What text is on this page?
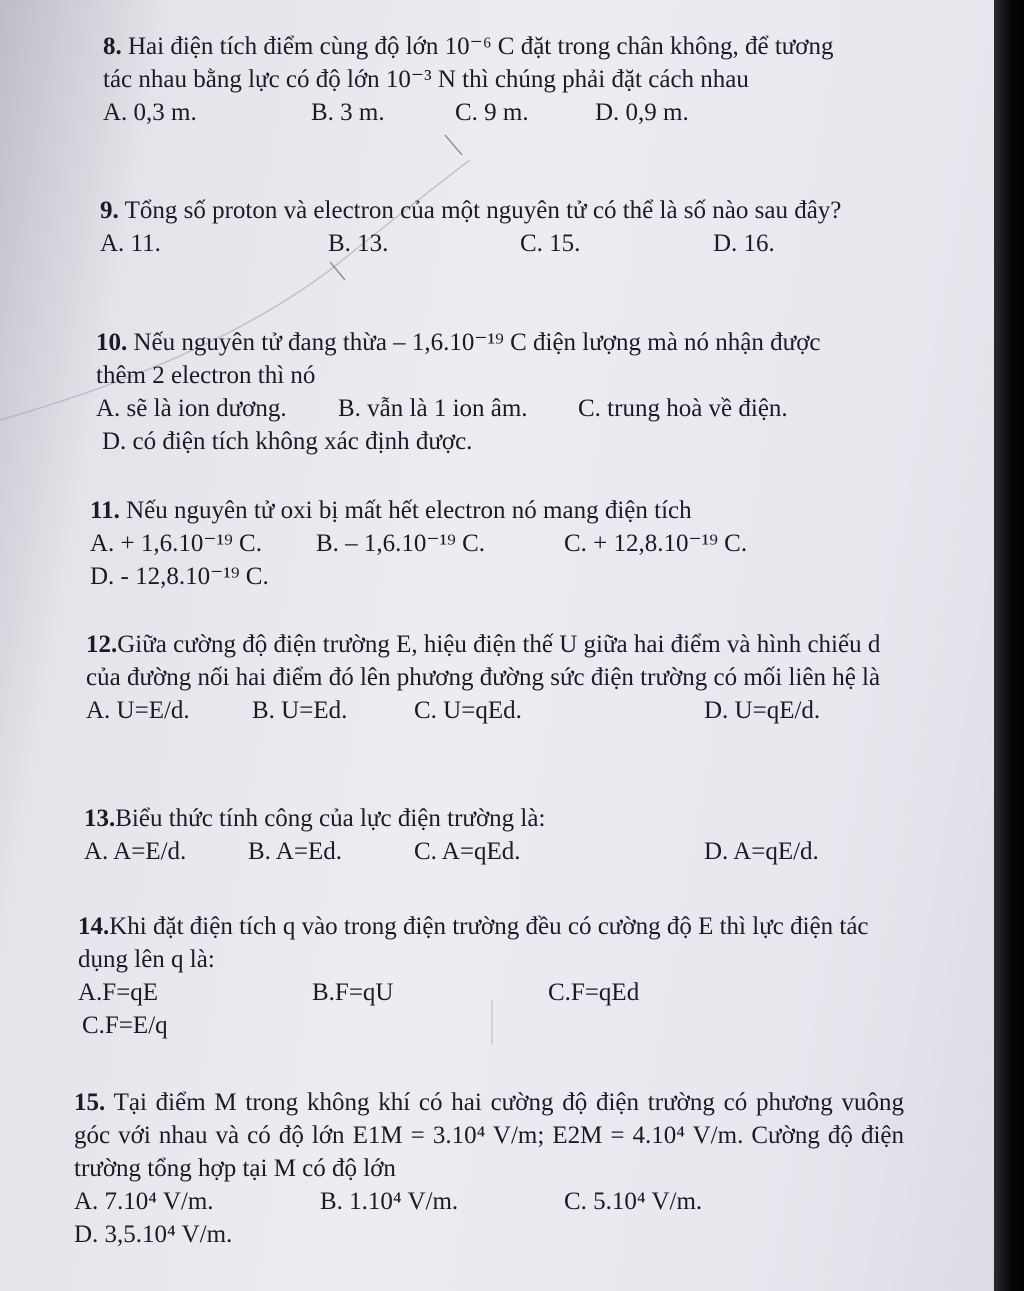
8. Hai điện tích điểm cùng độ lớn 10⁻⁶ C đặt trong chân không, để tương tác nhau bằng lực có độ lớn 10⁻³ N thì chúng phải đặt cách nhau

A. 0,3 m.	B. 3 m.	C. 9 m.	D. 0,9 m.

9. Tổng số proton và electron của một nguyên tử có thể là số nào sau đây?

A. 11.	B. 13.	C. 15.	D. 16.

10. Nếu nguyên tử đang thừa – 1,6.10⁻¹⁹ C điện lượng mà nó nhận được thêm 2 electron thì nó

A. sẽ là ion dương. B. vẫn là 1 ion âm. C. trung hoà về điện.
D. có điện tích không xác định được.

11. Nếu nguyên tử oxi bị mất hết electron nó mang điện tích

A. + 1,6.10⁻¹⁹ C. B. – 1,6.10⁻¹⁹ C.	C. + 12,8.10⁻¹⁹ C.
D. - 12,8.10⁻¹⁹ C.

12.Giữa cường độ điện trường E, hiệu điện thế U giữa hai điểm và hình chiếu d của đường nối hai điểm đó lên phương đường sức điện trường có mối liên hệ là

A. U=E/d. B. U=Ed.	C. U=qEd.	D. U=qE/d.

13.Biểu thức tính công của lực điện trường là:

A. A=E/d. B. A=Ed.	C. A=qEd.	D. A=qE/d.

14.Khi đặt điện tích q vào trong điện trường đều có cường độ E thì lực điện tác dụng lên q là:

A.F=qE	B.F=qU	C.F=qEd
C.F=E/q

15. Tại điểm M trong không khí có hai cường độ điện trường có phương vuông góc với nhau và có độ lớn E1M = 3.10⁴ V/m; E2M = 4.10⁴ V/m. Cường độ điện trường tổng hợp tại M có độ lớn

A. 7.10⁴ V/m.	B. 1.10⁴ V/m.	C. 5.10⁴ V/m.
D. 3,5.10⁴ V/m.
